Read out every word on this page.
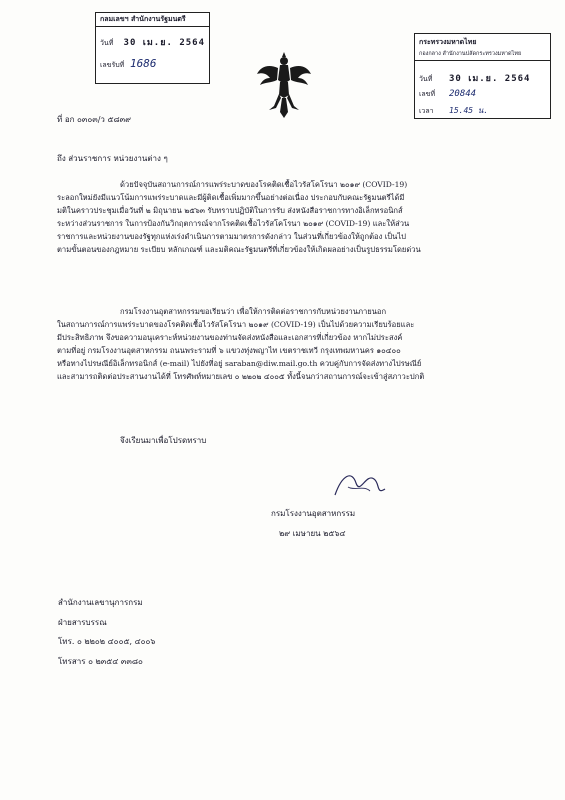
กลมเลขฯ สำนักงานรัฐมนตรี
วันที่	30 เม.ย. 2564
เลขรับที่ 1686
กระทรวงมหาดไทย
กองกลาง สำนักงานปลัดกระทรวงมหาดไทย
วันที่	30 เม.ย. 2564
เลขที่	20844
เวลา	15.45 น.
ที่ อก ๐๓๐๓/ว ๕๘๓๙
ถึง ส่วนราชการ หน่วยงานต่าง ๆ
ด้วยปัจจุบันสถานการณ์การแพร่ระบาดของโรคติดเชื้อไวรัสโคโรนา ๒๐๑๙ (COVID-19)
ระลอกใหม่ยังมีแนวโน้มการแพร่ระบาดและมีผู้ติดเชื้อเพิ่มมากขึ้นอย่างต่อเนื่อง ประกอบกับคณะรัฐมนตรีได้มี
มติในคราวประชุมเมื่อวันที่ ๒ มิถุนายน ๒๕๖๓ รับทราบปฏิบัติในการรับ ส่งหนังสือราชการทางอิเล็กทรอนิกส์
ระหว่างส่วนราชการ ในการป้องกันวิกฤตการณ์จากโรคติดเชื้อไวรัสโคโรนา ๒๐๑๙ (COVID-19) และให้ส่วน
ราชการและหน่วยงานของรัฐทุกแห่งเร่งดำเนินการตามมาตรการดังกล่าว ในส่วนที่เกี่ยวข้องให้ถูกต้อง เป็นไป
ตามขั้นตอนของกฎหมาย ระเบียบ หลักเกณฑ์ และมติคณะรัฐมนตรีที่เกี่ยวข้องให้เกิดผลอย่างเป็นรูปธรรมโดยด่วน
กรมโรงงานอุตสาหกรรมขอเรียนว่า เพื่อให้การติดต่อราชการกับหน่วยงานภายนอก
ในสถานการณ์การแพร่ระบาดของโรคติดเชื้อไวรัสโคโรนา ๒๐๑๙ (COVID-19) เป็นไปด้วยความเรียบร้อยและ
มีประสิทธิภาพ จึงขอความอนุเคราะห์หน่วยงานของท่านจัดส่งหนังสือและเอกสารที่เกี่ยวข้อง หากไม่ประสงค์
ตามที่อยู่ กรมโรงงานอุตสาหกรรม ถนนพระรามที่ ๖ แขวงทุ่งพญาไท เขตราชเทวี กรุงเทพมหานคร ๑๐๔๐๐
หรือทางไปรษณีย์อิเล็กทรอนิกส์ (e-mail) ไปยังที่อยู่ saraban@diw.mail.go.th ควบคู่กับการจัดส่งทางไปรษณีย์
และสามารถติดต่อประสานงานได้ที่ โทรศัพท์หมายเลข ๐ ๒๒๐๒ ๔๐๐๕ ทั้งนี้จนกว่าสถานการณ์จะเข้าสู่สภาวะปกติ
จึงเรียนมาเพื่อโปรดทราบ
กรมโรงงานอุตสาหกรรม
๒๙ เมษายน ๒๕๖๔
สำนักงานเลขานุการกรม
ฝ่ายสารบรรณ
โทร. ๐ ๒๒๐๒ ๔๐๐๕, ๔๐๐๖
โทรสาร ๐ ๒๓๕๔ ๓๓๘๐
